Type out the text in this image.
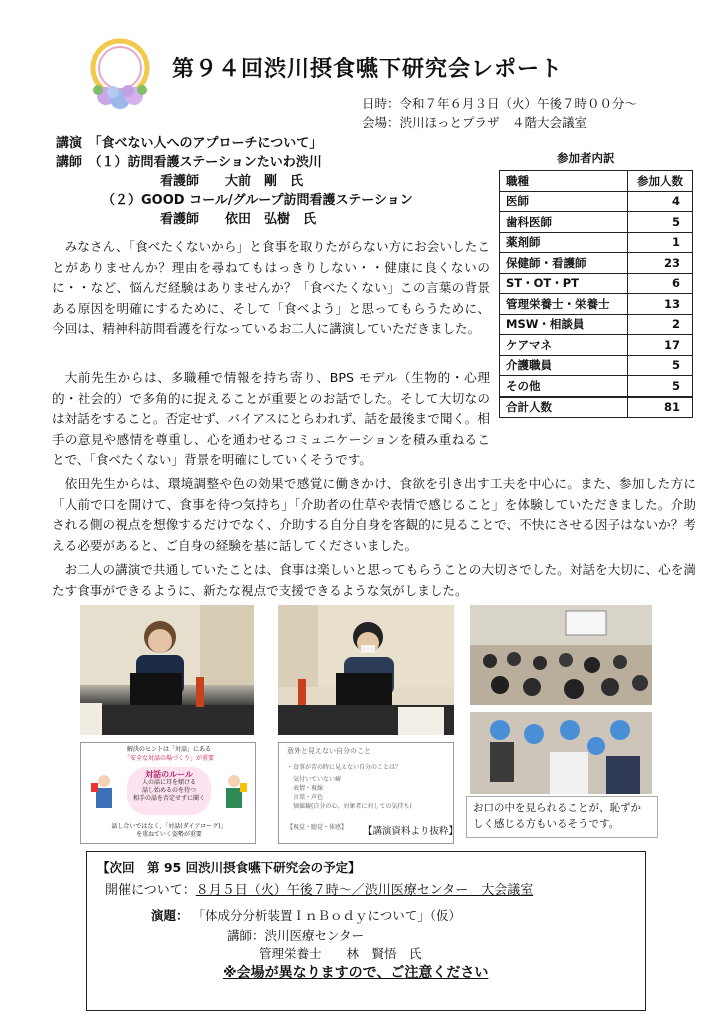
第９４回渋川摂食嚥下研究会レポート
日時：令和７年６月３日（火）午後７時００分～
会場：渋川ほっとプラザ　４階大会議室
講演　 「食べない人へのアプローチについて」
講師　 （１）訪問看護ステーションたいわ渋川
看護師　　大前　剛　氏
（２）GOOD コール/グループ訪問看護ステーション
看護師　　依田　弘樹　氏
参加者内訳
職種	参加人数
医師	4
歯科医師	5
薬剤師	1
保健師・看護師	23
ST・OT・PT	6
管理栄養士・栄養士	13
MSW・相談員	2
ケアマネ	17
介護職員	5
その他	5
合計人数	81
みなさん、「食べたくないから」と食事を取りたがらない方にお会いしたことがありませんか？理由を尋ねてもはっきりしない・・健康に良くないのに・・など、悩んだ経験はありませんか？「食べたくない」この言葉の背景ある原因を明確にするために、そして「食べよう」と思ってもらうために、今回は、精神科訪問看護を行なっているお二人に講演していただきました。
大前先生からは、多職種で情報を持ち寄り、BPS モデル（生物的・心理的・社会的）で多角的に捉えることが重要とのお話でした。そして大切なのは対話をすること。否定せず、バイアスにとらわれず、話を最後まで聞く。相手の意見や感情を尊重し、心を通わせるコミュニケーションを積み重ねることで、「食べたくない」背景を明確にしていくそうです。
依田先生からは、環境調整や色の効果で感覚に働きかけ、食欲を引き出す工夫を中心に。また、参加した方に「人前で口を開けて、食事を待つ気持ち」「介助者の仕草や表情で感じること」を体験していただきました。介助される側の視点を想像するだけでなく、介助する自分自身を客観的に見ることで、不快にさせる因子はないか？考える必要があると、ご自身の経験を基に話してくださいました。
お二人の講演で共通していたことは、食事は楽しいと思ってもらうことの大切さでした。対話を大切に、心を満たす食事ができるように、新たな視点で支援できるような気がしました。
お口の中を見られることが、恥ずかしく感じる方もいるそうです。
解決のヒントは「対話」にある
「安全な対話の場づくり」が重要
対話のルール
人の話に耳を傾ける
話し始めるのを待つ
相手の話を否定せずに聞く
話し合いではなく、「対話(ダイアローグ)」を重ねていく姿勢が重要
意外と見えない自分のこと
・食事が苦の時に見えない自分のことは？
気付いていない癖
表情・視線
言葉・声色
価値観(自分の心、対象者に対しての気持ち)
【視覚・聴覚・体感】 【講演資料より抜粋】
【次回　第 95 回渋川摂食嚥下研究会の予定】
開催について：８月５日（火）午後７時～／渋川医療センター　大会議室
演題： 「体成分分析装置ＩｎＢｏｄｙについて」（仮）
講師：渋川医療センター
管理栄養士　　林　賢悟　氏
※会場が異なりますので、ご注意ください
